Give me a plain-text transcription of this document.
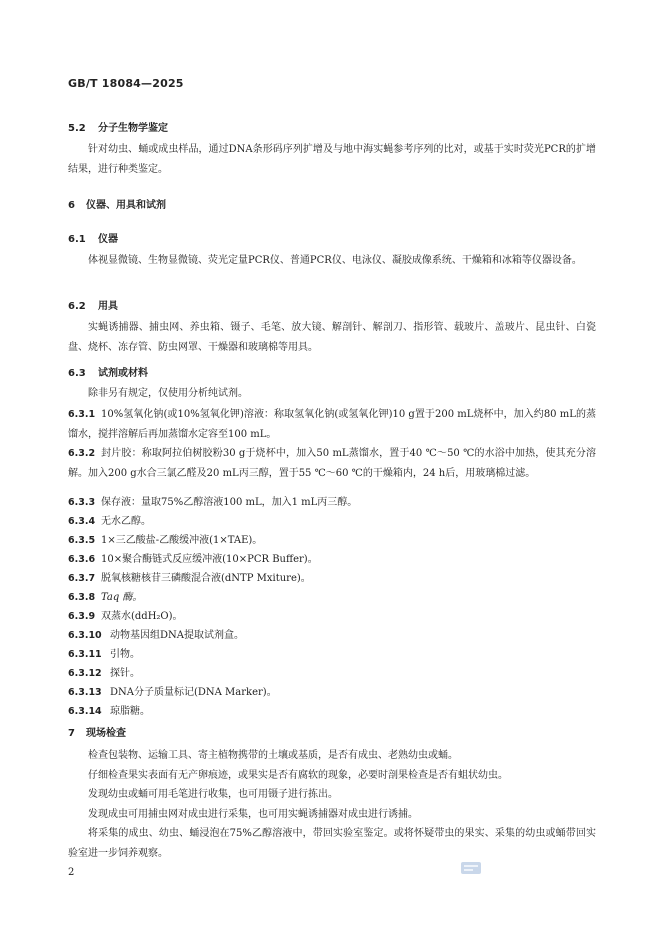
GB/T 18084—2025
5.2 分子生物学鉴定

针对幼虫、蛹或成虫样品，通过DNA条形码序列扩增及与地中海实蝇参考序列的比对，或基于实时荧光PCR的扩增结果，进行种类鉴定。

6 仪器、用具和试剂
6.1 仪器

体视显微镜、生物显微镜、荧光定量PCR仪、普通PCR仪、电泳仪、凝胶成像系统、干燥箱和冰箱等仪器设备。

6.2 用具

实蝇诱捕器、捕虫网、养虫箱、镊子、毛笔、放大镜、解剖针、解剖刀、指形管、载玻片、盖玻片、昆虫针、白瓷盘、烧杯、冻存管、防虫网罩、干燥器和玻璃棉等用具。

6.3 试剂或材料

除非另有规定，仅使用分析纯试剂。

6.3.1 10%氢氧化钠(或10%氢氧化钾)溶液：称取氢氧化钠(或氢氧化钾)10 g置于200 mL烧杯中，加入约80 mL的蒸馏水，搅拌溶解后再加蒸馏水定容至100 mL。
6.3.2 封片胶：称取阿拉伯树胶粉30 g于烧杯中，加入50 mL蒸馏水，置于40 ℃～50 ℃的水浴中加热，使其充分溶解。加入200 g水合三氯乙醛及20 mL丙三醇，置于55 ℃～60 ℃的干燥箱内，24 h后，用玻璃棉过滤。
6.3.3 保存液：量取75%乙醇溶液100 mL，加入1 mL丙三醇。
6.3.4 无水乙醇。
6.3.5 1×三乙酸盐-乙酸缓冲液(1×TAE)。
6.3.6 10×聚合酶链式反应缓冲液(10×PCR Buffer)。
6.3.7 脱氧核糖核苷三磷酸混合液(dNTP Mxiture)。
6.3.8 Taq 酶。
6.3.9 双蒸水(ddH₂O)。
6.3.10 动物基因组DNA提取试剂盒。
6.3.11 引物。
6.3.12 探针。
6.3.13 DNA分子质量标记(DNA Marker)。
6.3.14 琼脂糖。
7 现场检查

检查包装物、运输工具、寄主植物携带的土壤或基质，是否有成虫、老熟幼虫或蛹。

仔细检查果实表面有无产卵痕迹，或果实是否有腐软的现象，必要时剖果检查是否有蛆状幼虫。

发现幼虫或蛹可用毛笔进行收集，也可用镊子进行拣出。

发现成虫可用捕虫网对成虫进行采集，也可用实蝇诱捕器对成虫进行诱捕。

将采集的成虫、幼虫、蛹浸泡在75%乙醇溶液中，带回实验室鉴定。或将怀疑带虫的果实、采集的幼虫或蛹带回实验室进一步饲养观察。

2
